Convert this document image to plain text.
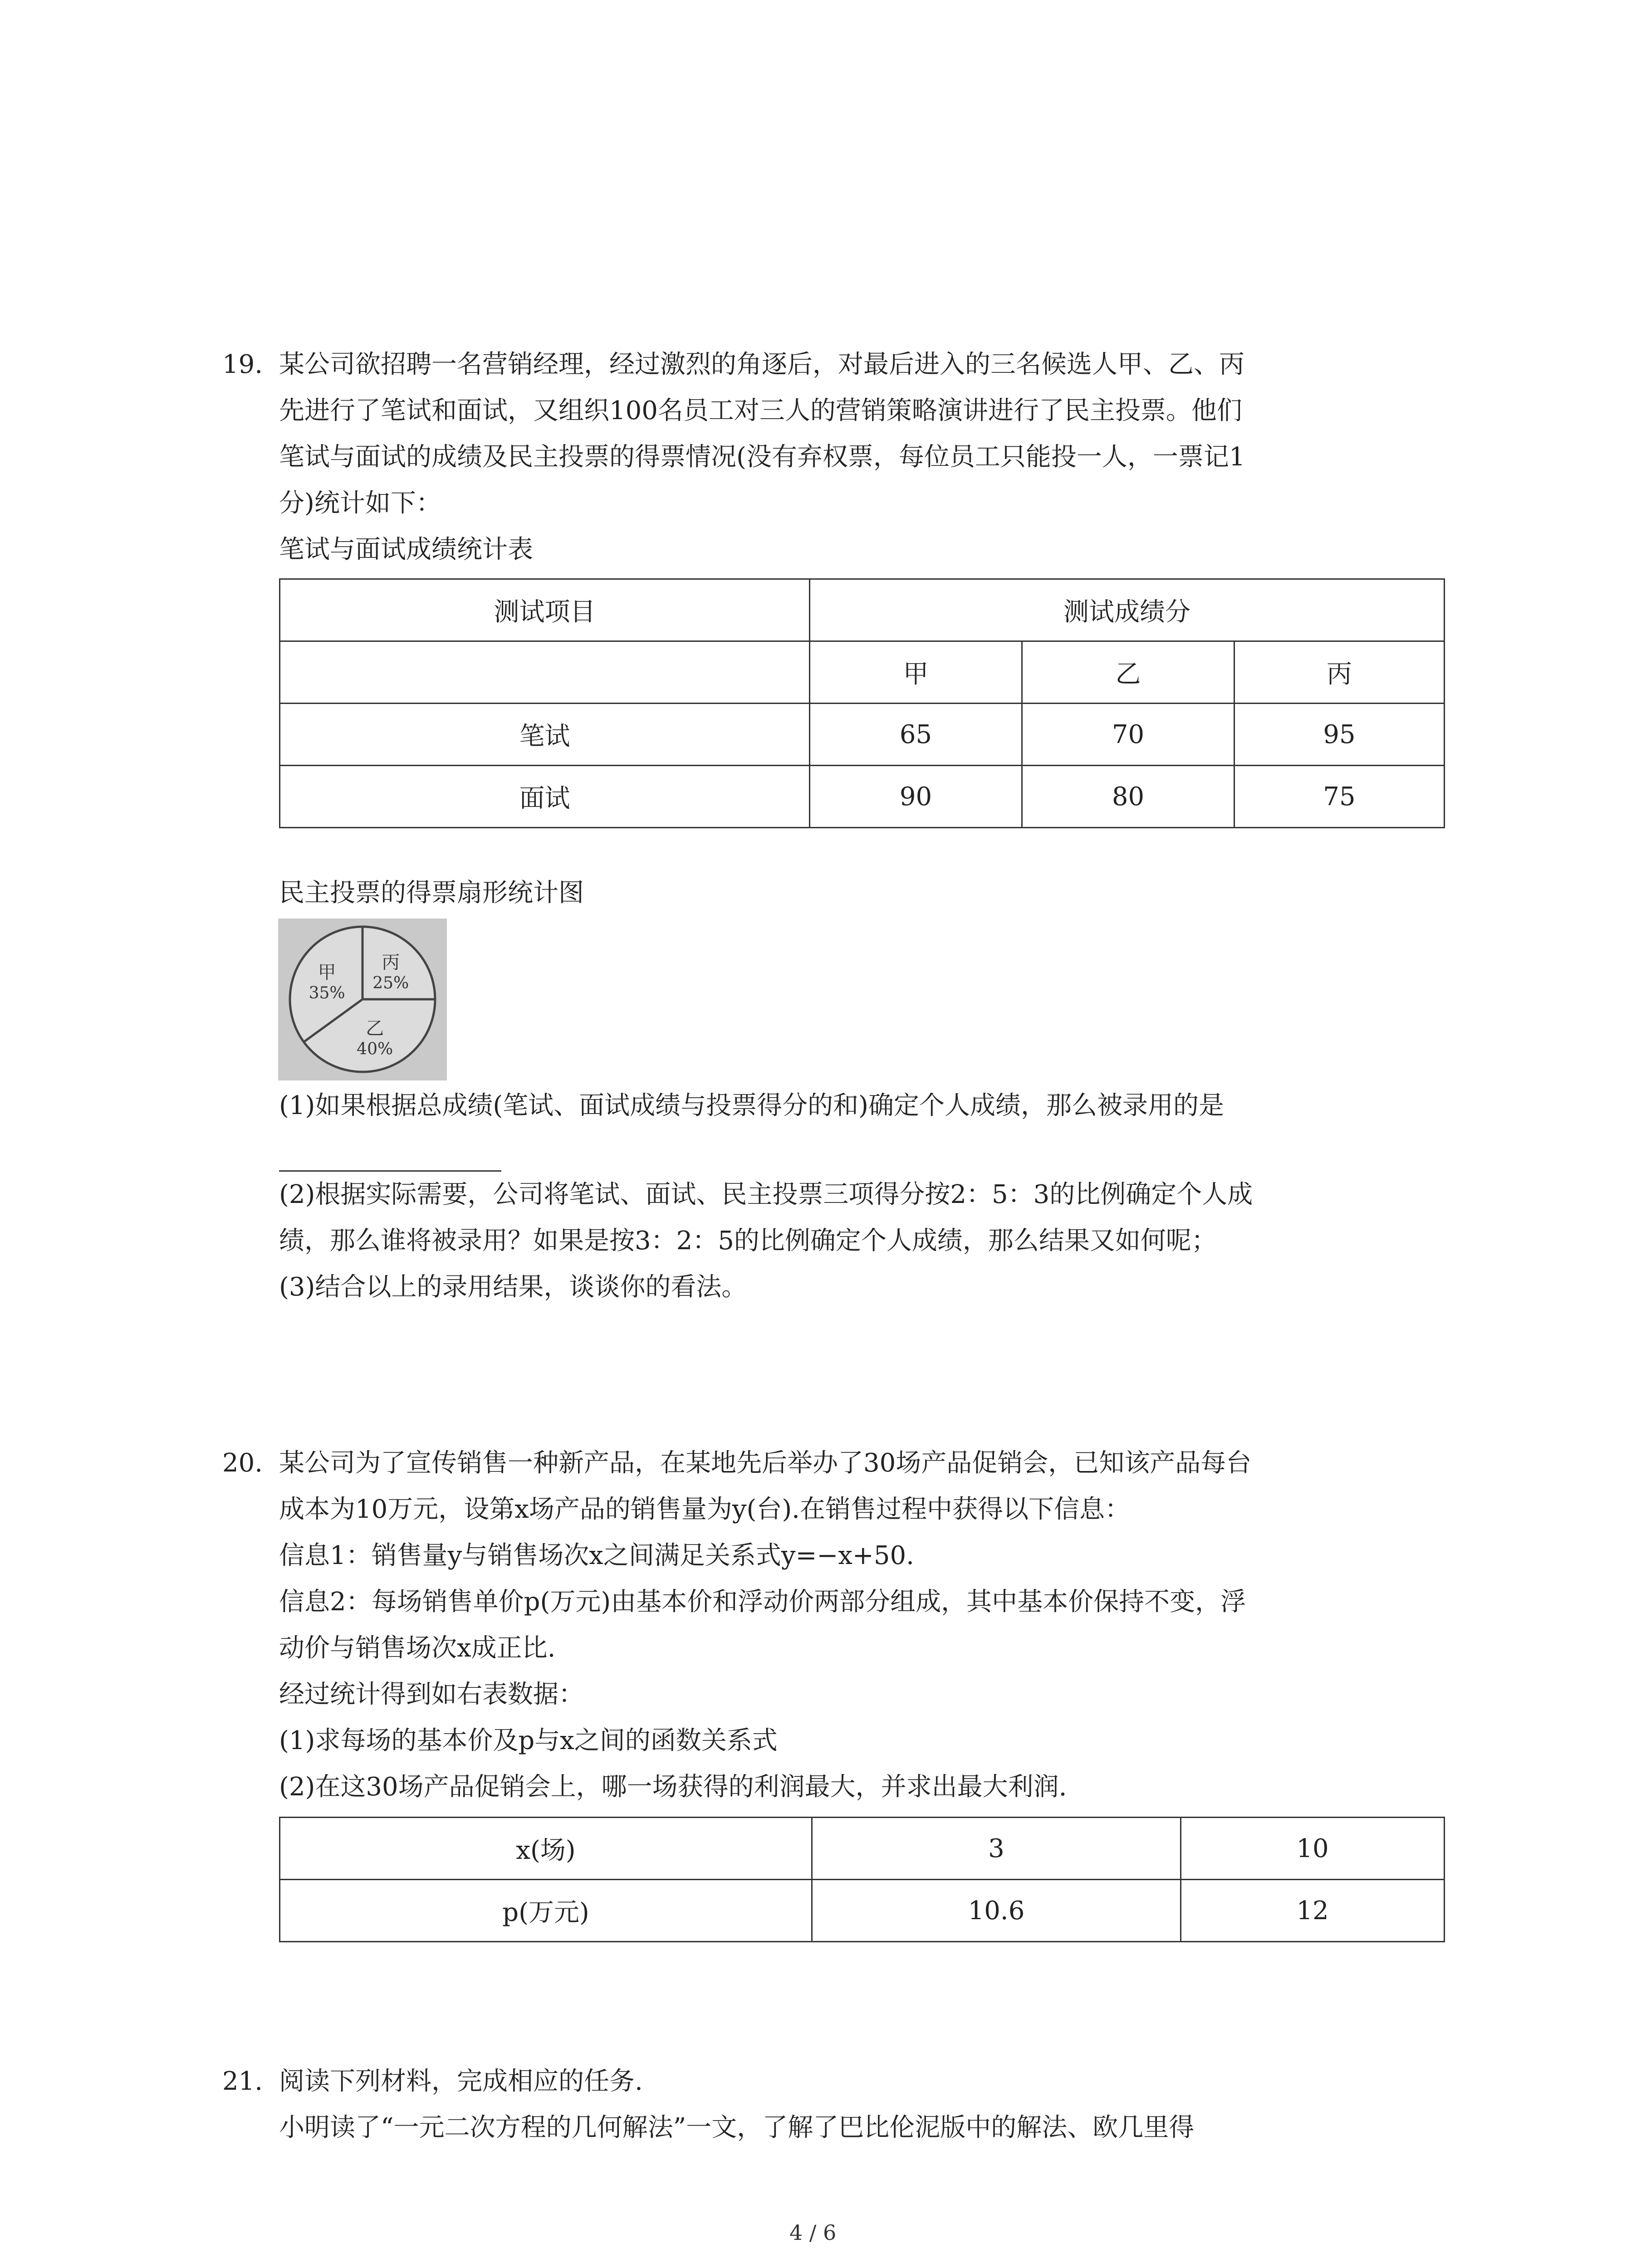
19. 某公司欲招聘一名营销经理，经过激烈的角逐后，对最后进入的三名候选人甲、乙、丙
先进行了笔试和面试，又组织100名员工对三人的营销策略演讲进行了民主投票。他们
笔试与面试的成绩及民主投票的得票情况(没有弃权票，每位员工只能投一人，一票记1
分)统计如下：
笔试与面试成绩统计表
测试项目	测试成绩分		
	甲	乙	丙
笔试	65	70	95
面试	90	80	75
民主投票的得票扇形统计图
丙
25%
乙
40%
甲
35%
(1)如果根据总成绩(笔试、面试成绩与投票得分的和)确定个人成绩，那么被录用的是
(2)根据实际需要，公司将笔试、面试、民主投票三项得分按2：5：3的比例确定个人成
绩，那么谁将被录用？如果是按3：2：5的比例确定个人成绩，那么结果又如何呢；
(3)结合以上的录用结果，谈谈你的看法。
20. 某公司为了宣传销售一种新产品，在某地先后举办了30场产品促销会，已知该产品每台
成本为10万元，设第x场产品的销售量为y(台).在销售过程中获得以下信息：
信息1：销售量y与销售场次x之间满足关系式y=−x+50.
信息2：每场销售单价p(万元)由基本价和浮动价两部分组成，其中基本价保持不变，浮
动价与销售场次x成正比.
经过统计得到如右表数据：
(1)求每场的基本价及p与x之间的函数关系式
(2)在这30场产品促销会上，哪一场获得的利润最大，并求出最大利润.
x(场)	3	10
p(万元)	10.6	12
21. 阅读下列材料，完成相应的任务.
小明读了“一元二次方程的几何解法”一文，了解了巴比伦泥版中的解法、欧几里得
4 / 6
